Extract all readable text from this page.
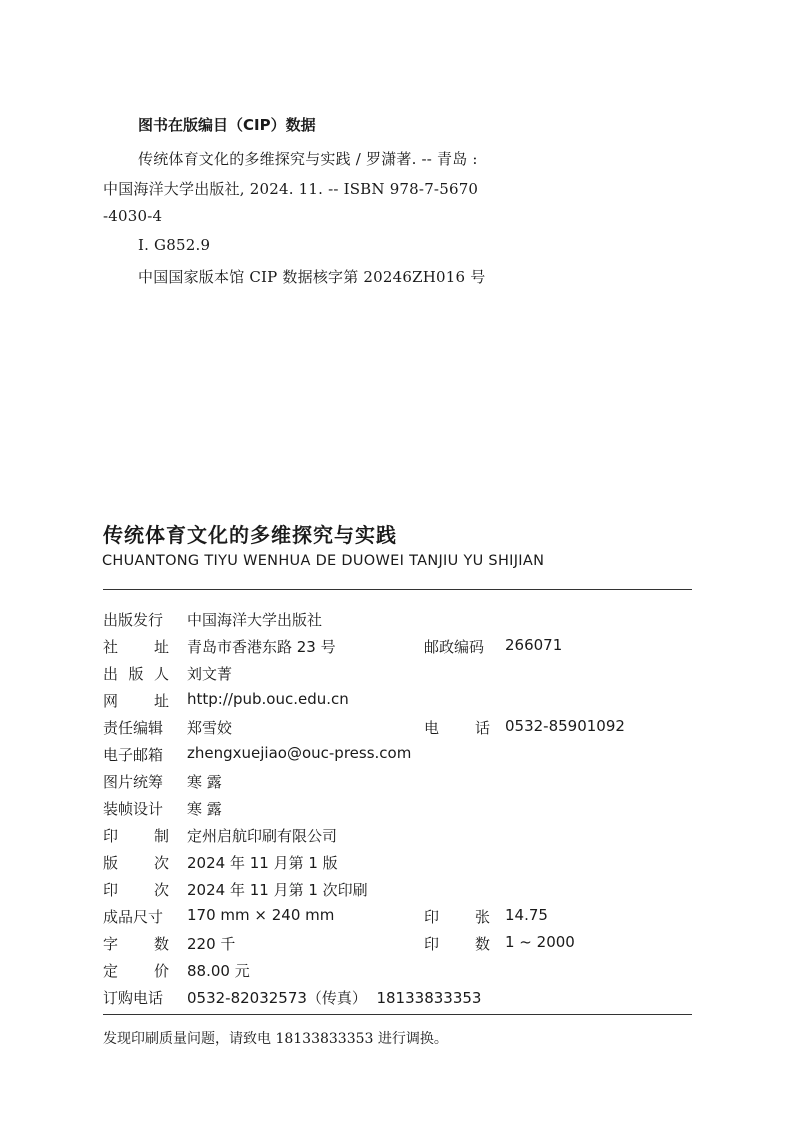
图书在版编目（CIP）数据
传统体育文化的多维探究与实践 / 罗潇著. -- 青岛 :
中国海洋大学出版社, 2024. 11. -- ISBN 978-7-5670
-4030-4
Ⅰ. G852.9
中国国家版本馆 CIP 数据核字第 20246ZH016 号
传统体育文化的多维探究与实践
CHUANTONG TIYU WENHUA DE DUOWEI TANJIU YU SHIJIAN
出版发行 中国海洋大学出版社
社 址 青岛市香港东路 23 号	邮政编码 266071
出 版 人 刘文菁
网 址 http://pub.ouc.edu.cn
责任编辑 郑雪姣	电 话 0532-85901092
电子邮箱 zhengxuejiao@ouc-press.com
图片统筹 寒 露
装帧设计 寒 露
印 制 定州启航印刷有限公司
版 次 2024 年 11 月第 1 版
印 次 2024 年 11 月第 1 次印刷
成品尺寸 170 mm × 240 mm	印 张 14.75
字 数 220 千	印 数 1 ~ 2000
定 价 88.00 元
订购电话 0532-82032573（传真）  18133833353
发现印刷质量问题，请致电 18133833353 进行调换。
